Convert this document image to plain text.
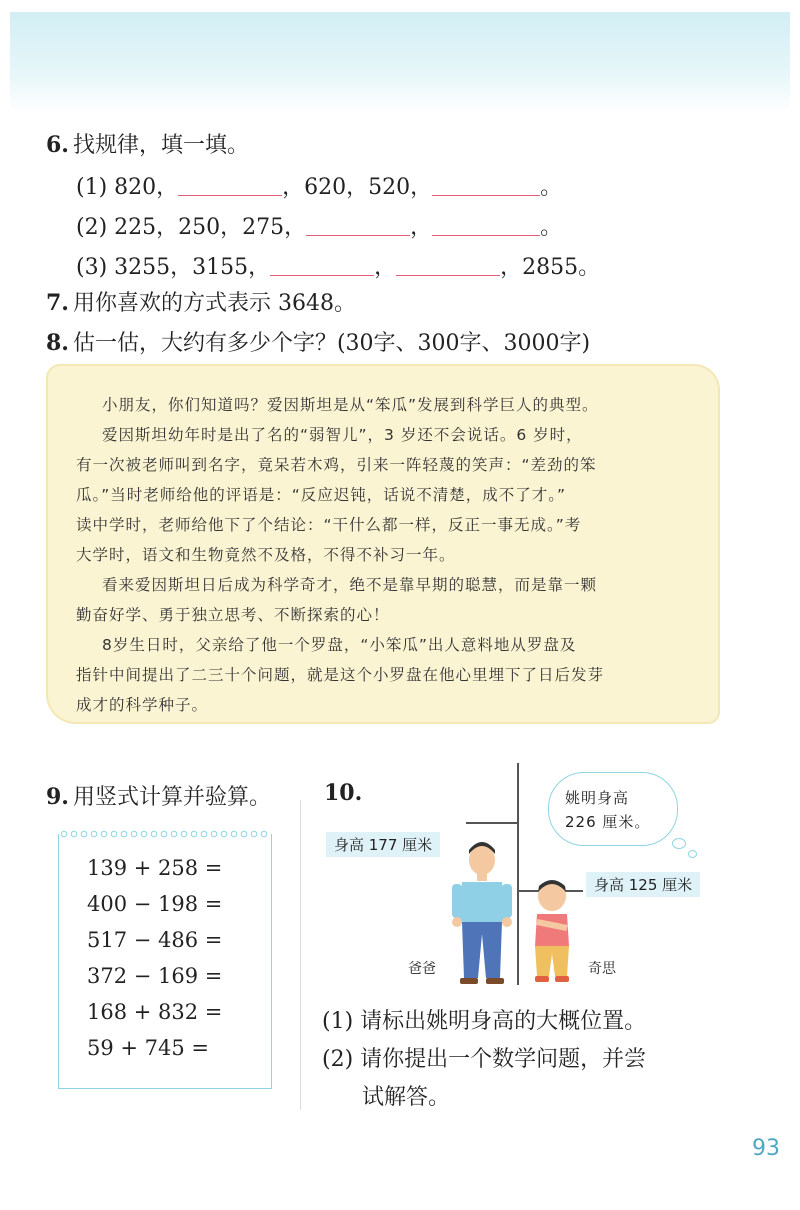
6. 找规律，填一填。
(1) 820，	，620，520，	。
(2) 225，250，275，	，	。
(3) 3255，3155，	，	，2855。
7. 用你喜欢的方式表示 3648。
8. 估一估，大约有多少个字？(30字、300字、3000字)

小朋友，你们知道吗？爱因斯坦是从“笨瓜”发展到科学巨人的典型。

爱因斯坦幼年时是出了名的“弱智儿”，3 岁还不会说话。6 岁时，

有一次被老师叫到名字，竟呆若木鸡，引来一阵轻蔑的笑声：“差劲的笨

瓜。”当时老师给他的评语是：“反应迟钝，话说不清楚，成不了才。”

读中学时，老师给他下了个结论：“干什么都一样，反正一事无成。”考

大学时，语文和生物竟然不及格，不得不补习一年。

看来爱因斯坦日后成为科学奇才，绝不是靠早期的聪慧，而是靠一颗

勤奋好学、勇于独立思考、不断探索的心！

8岁生日时，父亲给了他一个罗盘，“小笨瓜”出人意料地从罗盘及

指针中间提出了二三十个问题，就是这个小罗盘在他心里埋下了日后发芽

成才的科学种子。

9. 用竖式计算并验算。
139 + 258 =
400 − 198 =
517 − 486 =
372 − 169 =
168 + 832 =
59 + 745 =
10.
身高 177 厘米
身高 125 厘米
姚明身高
226 厘米。
爸爸	奇思
(1) 请标出姚明身高的大概位置。
(2) 请你提出一个数学问题，并尝
试解答。
93
